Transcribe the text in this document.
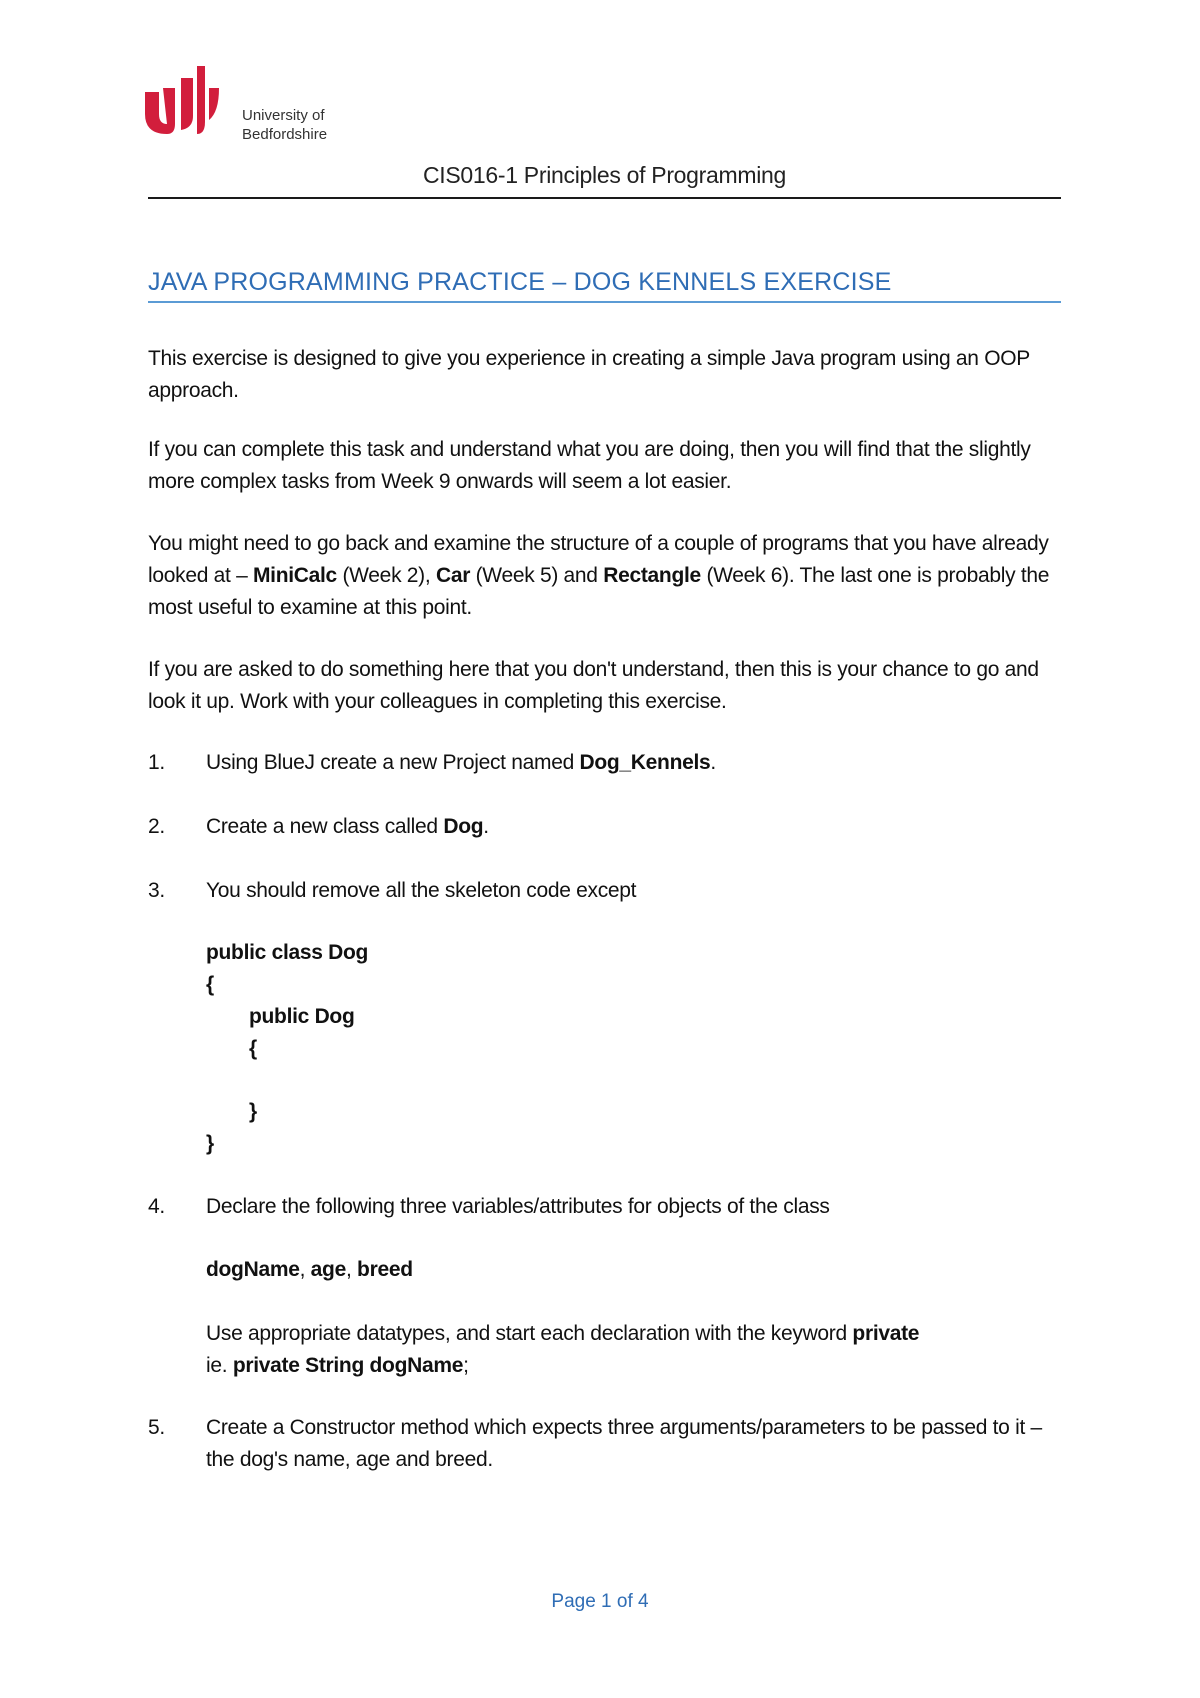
University of
Bedfordshire
CIS016-1 Principles of Programming
JAVA PROGRAMMING PRACTICE – DOG KENNELS EXERCISE
This exercise is designed to give you experience in creating a simple Java program using an OOP approach.
If you can complete this task and understand what you are doing, then you will find that the slightly more complex tasks from Week 9 onwards will seem a lot easier.
You might need to go back and examine the structure of a couple of programs that you have already looked at – MiniCalc (Week 2), Car (Week 5) and Rectangle (Week 6). The last one is probably the most useful to examine at this point.
If you are asked to do something here that you don't understand, then this is your chance to go and look it up. Work with your colleagues in completing this exercise.
1. Using BlueJ create a new Project named Dog_Kennels.
2. Create a new class called Dog.
3. You should remove all the skeleton code except
public class Dog
{
public Dog
{
}
}
4. Declare the following three variables/attributes for objects of the class
dogName, age, breed
Use appropriate datatypes, and start each declaration with the keyword private
ie. private String dogName;
5. Create a Constructor method which expects three arguments/parameters to be passed to it – the dog's name, age and breed.
Page 1 of 4
